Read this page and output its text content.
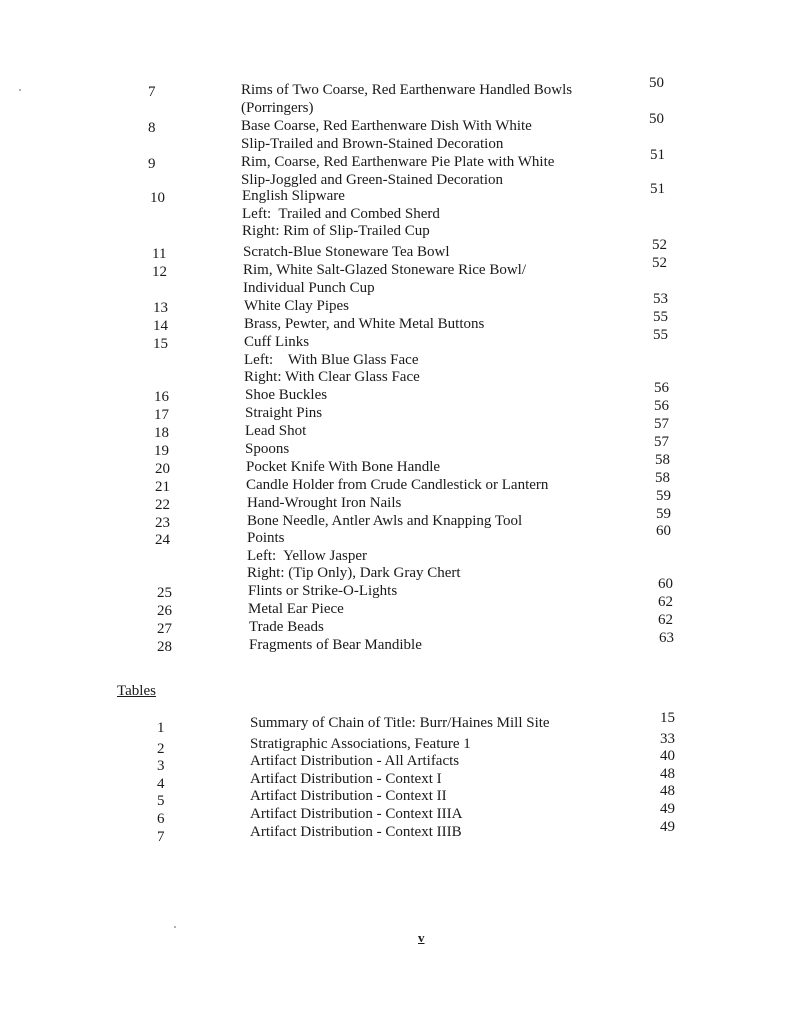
7	Rims of Two Coarse, Red Earthenware Handled Bowls
(Porringers)
50
8	Base Coarse, Red Earthenware Dish With White
Slip-Trailed and Brown-Stained Decoration
50
9	Rim, Coarse, Red Earthenware Pie Plate with White
Slip-Joggled and Green-Stained Decoration
51
10	English Slipware
Left:  Trailed and Combed Sherd
Right: Rim of Slip-Trailed Cup
51
11	Scratch-Blue Stoneware Tea Bowl	52
12	Rim, White Salt-Glazed Stoneware Rice Bowl/
Individual Punch Cup
52
13	White Clay Pipes	53
14	Brass, Pewter, and White Metal Buttons	55
15	Cuff Links
Left:    With Blue Glass Face
Right: With Clear Glass Face
55
16	Shoe Buckles	56
17	Straight Pins	56
18	Lead Shot	57
19	Spoons	57
20	Pocket Knife With Bone Handle	58
21	Candle Holder from Crude Candlestick or Lantern	58
22	Hand-Wrought Iron Nails	59
23	Bone Needle, Antler Awls and Knapping Tool	59
24	Points
Left:  Yellow Jasper
Right: (Tip Only), Dark Gray Chert
60
25	Flints or Strike-O-Lights	60
26	Metal Ear Piece	62
27	Trade Beads	62
28	Fragments of Bear Mandible	63
Tables
1	Summary of Chain of Title: Burr/Haines Mill Site	15
2	Stratigraphic Associations, Feature 1	33
3	Artifact Distribution - All Artifacts	40
4	Artifact Distribution - Context I	48
5	Artifact Distribution - Context II	48
6	Artifact Distribution - Context IIIA	49
7	Artifact Distribution - Context IIIB	49
v
